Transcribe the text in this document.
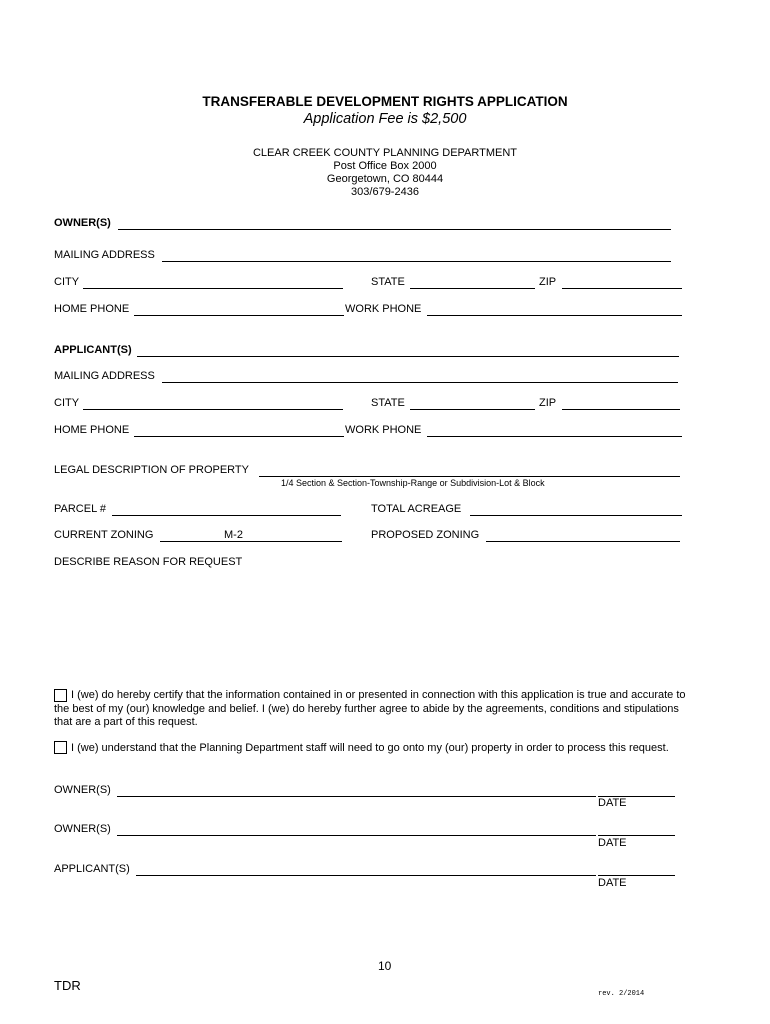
TRANSFERABLE DEVELOPMENT RIGHTS APPLICATION
Application Fee is $2,500
CLEAR CREEK COUNTY PLANNING DEPARTMENT
Post Office Box 2000
Georgetown, CO 80444
303/679-2436
OWNER(S)
MAILING ADDRESS
CITY	STATE	ZIP
HOME PHONE	WORK PHONE
APPLICANT(S)
MAILING ADDRESS
CITY	STATE	ZIP
HOME PHONE	WORK PHONE
LEGAL DESCRIPTION OF PROPERTY
1/4 Section & Section-Township-Range or Subdivision-Lot & Block
PARCEL #	TOTAL ACREAGE
CURRENT ZONING	M-2	PROPOSED ZONING
DESCRIBE REASON FOR REQUEST
I (we) do hereby certify that the information contained in or presented in connection with this application is true and accurate to the best of my (our) knowledge and belief. I (we) do hereby further agree to abide by the agreements, conditions and stipulations that are a part of this request.
I (we) understand that the Planning Department staff will need to go onto my (our) property in order to process this request.
OWNER(S)
DATE
OWNER(S)
DATE
APPLICANT(S)
DATE
10
TDR
rev. 2/2014
